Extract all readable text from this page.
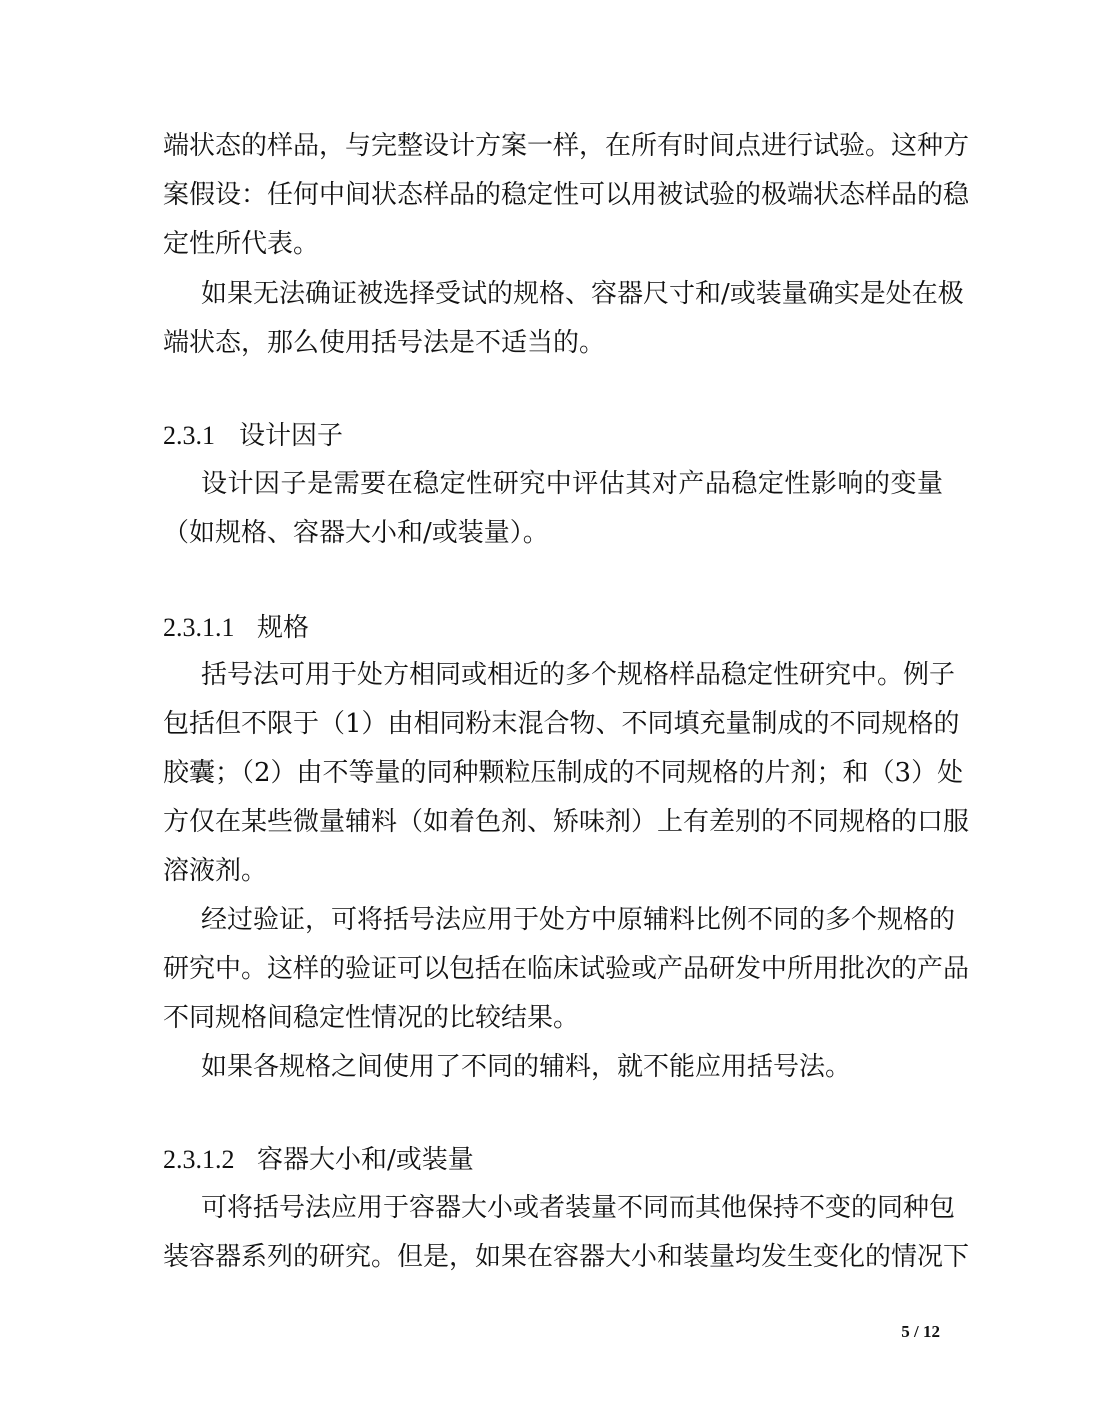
端状态的样品，与完整设计方案一样，在所有时间点进行试验。这种方
案假设：任何中间状态样品的稳定性可以用被试验的极端状态样品的稳
定性所代表。
如果无法确证被选择受试的规格、容器尺寸和/或装量确实是处在极
端状态，那么使用括号法是不适当的。
2.3.1 设计因子
设计因子是需要在稳定性研究中评估其对产品稳定性影响的变量
（如规格、容器大小和/或装量）。
2.3.1.1 规格
括号法可用于处方相同或相近的多个规格样品稳定性研究中。例子
包括但不限于（1）由相同粉末混合物、不同填充量制成的不同规格的
胶囊；（2）由不等量的同种颗粒压制成的不同规格的片剂；和（3）处
方仅在某些微量辅料（如着色剂、矫味剂）上有差别的不同规格的口服
溶液剂。
经过验证，可将括号法应用于处方中原辅料比例不同的多个规格的
研究中。这样的验证可以包括在临床试验或产品研发中所用批次的产品
不同规格间稳定性情况的比较结果。
如果各规格之间使用了不同的辅料，就不能应用括号法。
2.3.1.2 容器大小和/或装量
可将括号法应用于容器大小或者装量不同而其他保持不变的同种包
装容器系列的研究。但是，如果在容器大小和装量均发生变化的情况下
5 / 12
